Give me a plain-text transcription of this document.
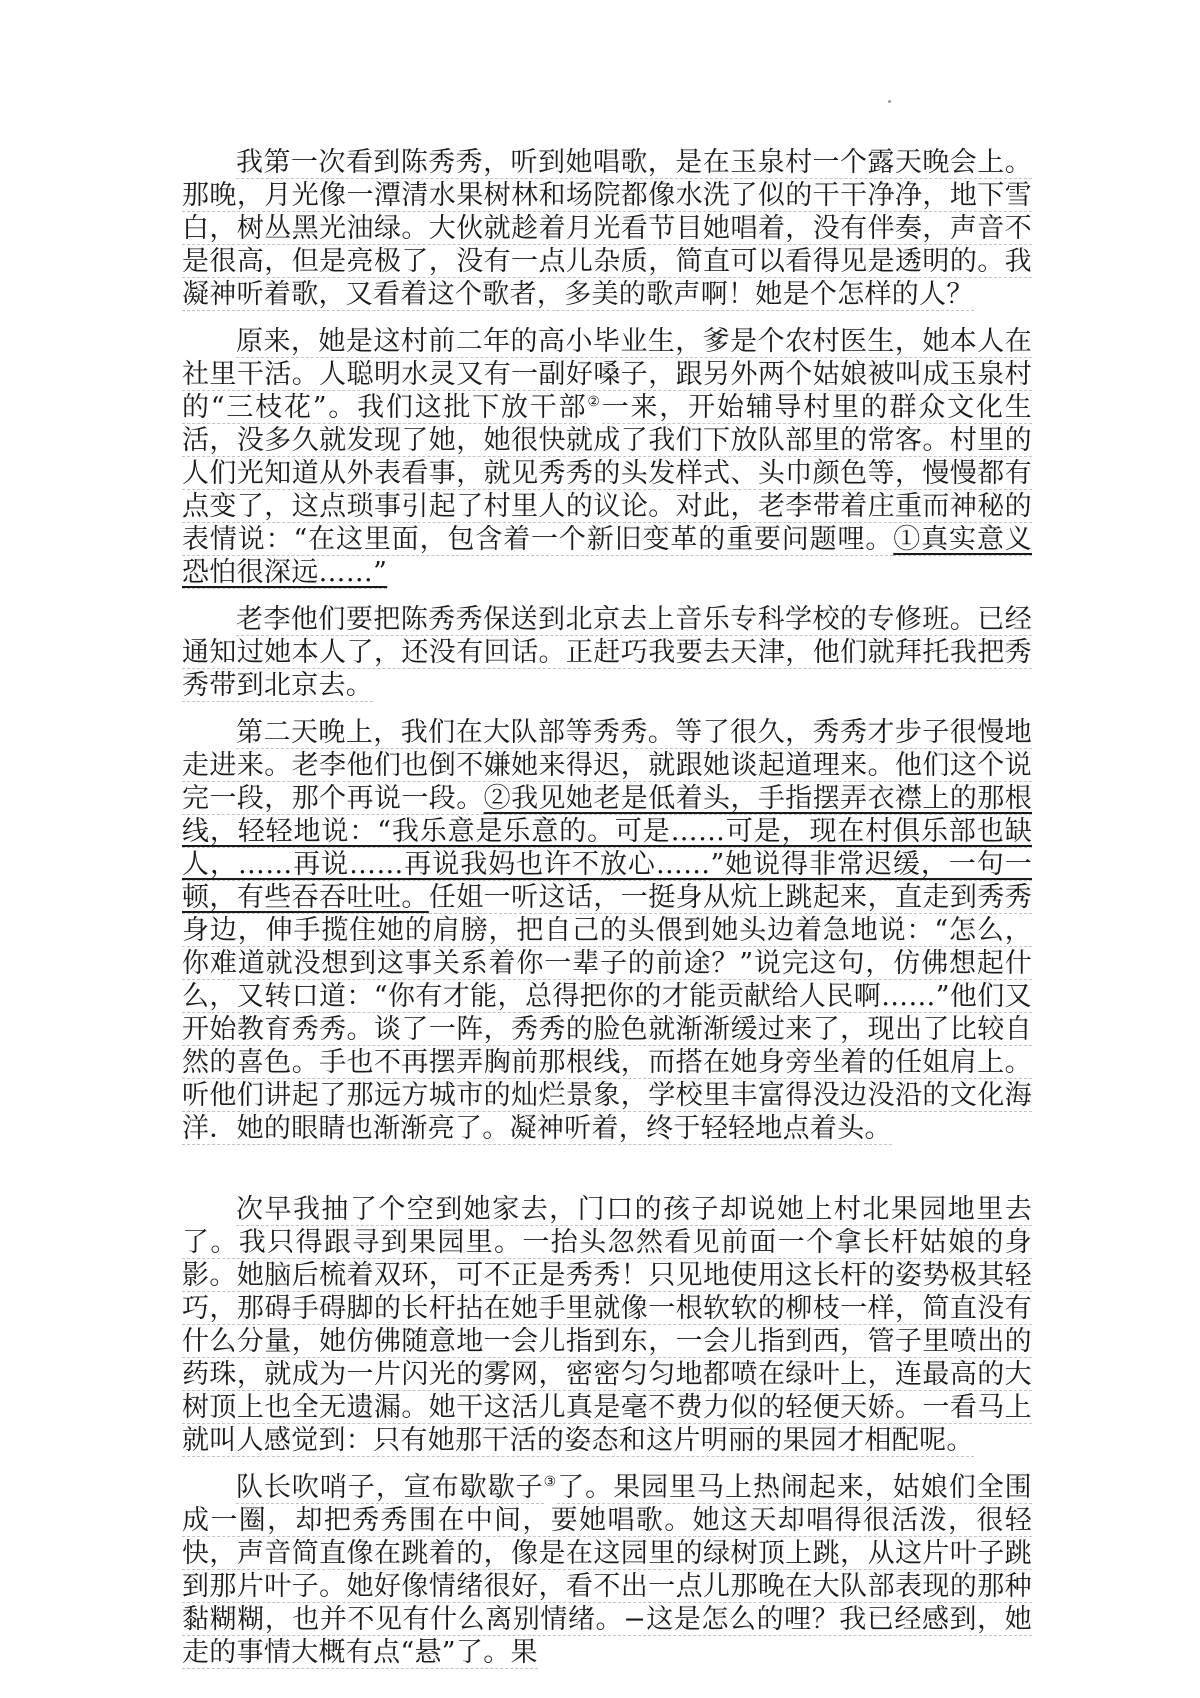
我第一次看到陈秀秀，听到她唱歌，是在玉泉村一个露天晚会上。那晚，月光像一潭清水果树林和场院都像水洗了似的干干净净，地下雪白，树丛黑光油绿。大伙就趁着月光看节目她唱着，没有伴奏，声音不是很高，但是亮极了，没有一点儿杂质，简直可以看得见是透明的。我凝神听着歌，又看着这个歌者，多美的歌声啊！她是个怎样的人？

原来，她是这村前二年的高小毕业生，爹是个农村医生，她本人在社里干活。人聪明水灵又有一副好嗓子，跟另外两个姑娘被叫成玉泉村的“三枝花”。我们这批下放干部②一来，开始辅导村里的群众文化生活，没多久就发现了她，她很快就成了我们下放队部里的常客。村里的人们光知道从外表看事，就见秀秀的头发样式、头巾颜色等，慢慢都有点变了，这点琐事引起了村里人的议论。对此，老李带着庄重而神秘的表情说：“在这里面，包含着一个新旧变革的重要问题哩。①真实意义恐怕很深远……”

老李他们要把陈秀秀保送到北京去上音乐专科学校的专修班。已经通知过她本人了，还没有回话。正赶巧我要去天津，他们就拜托我把秀秀带到北京去。

第二天晚上，我们在大队部等秀秀。等了很久，秀秀才步子很慢地走进来。老李他们也倒不嫌她来得迟，就跟她谈起道理来。他们这个说完一段，那个再说一段。②我见她老是低着头，手指摆弄衣襟上的那根线，轻轻地说：“我乐意是乐意的。可是……可是，现在村俱乐部也缺人，……再说……再说我妈也许不放心……”她说得非常迟缓，一句一顿，有些吞吞吐吐。任姐一听这话，一挺身从炕上跳起来，直走到秀秀身边，伸手揽住她的肩膀，把自己的头偎到她头边着急地说：“怎么，你难道就没想到这事关系着你一辈子的前途？”说完这句，仿佛想起什么，又转口道：“你有才能，总得把你的才能贡献给人民啊……”他们又开始教育秀秀。谈了一阵，秀秀的脸色就渐渐缓过来了，现出了比较自然的喜色。手也不再摆弄胸前那根线，而搭在她身旁坐着的任姐肩上。听他们讲起了那远方城市的灿烂景象，学校里丰富得没边没沿的文化海洋．她的眼睛也渐渐亮了。凝神听着，终于轻轻地点着头。

次早我抽了个空到她家去，门口的孩子却说她上村北果园地里去了。我只得跟寻到果园里。一抬头忽然看见前面一个拿长杆姑娘的身影。她脑后梳着双环，可不正是秀秀！只见地使用这长杆的姿势极其轻巧，那碍手碍脚的长杆拈在她手里就像一根软软的柳枝一样，简直没有什么分量，她仿佛随意地一会儿指到东，一会儿指到西，管子里喷出的药珠，就成为一片闪光的雾网，密密匀匀地都喷在绿叶上，连最高的大树顶上也全无遗漏。她干这活儿真是毫不费力似的轻便天娇。一看马上就叫人感觉到：只有她那干活的姿态和这片明丽的果园才相配呢。

队长吹哨子，宣布歇歇子③了。果园里马上热闹起来，姑娘们全围成一圈，却把秀秀围在中间，要她唱歌。她这天却唱得很活泼，很轻快，声音简直像在跳着的，像是在这园里的绿树顶上跳，从这片叶子跳到那片叶子。她好像情绪很好，看不出一点儿那晚在大队部表现的那种黏糊糊，也并不见有什么离别情绪。−这是怎么的哩？我已经感到，她走的事情大概有点“悬”了。果
